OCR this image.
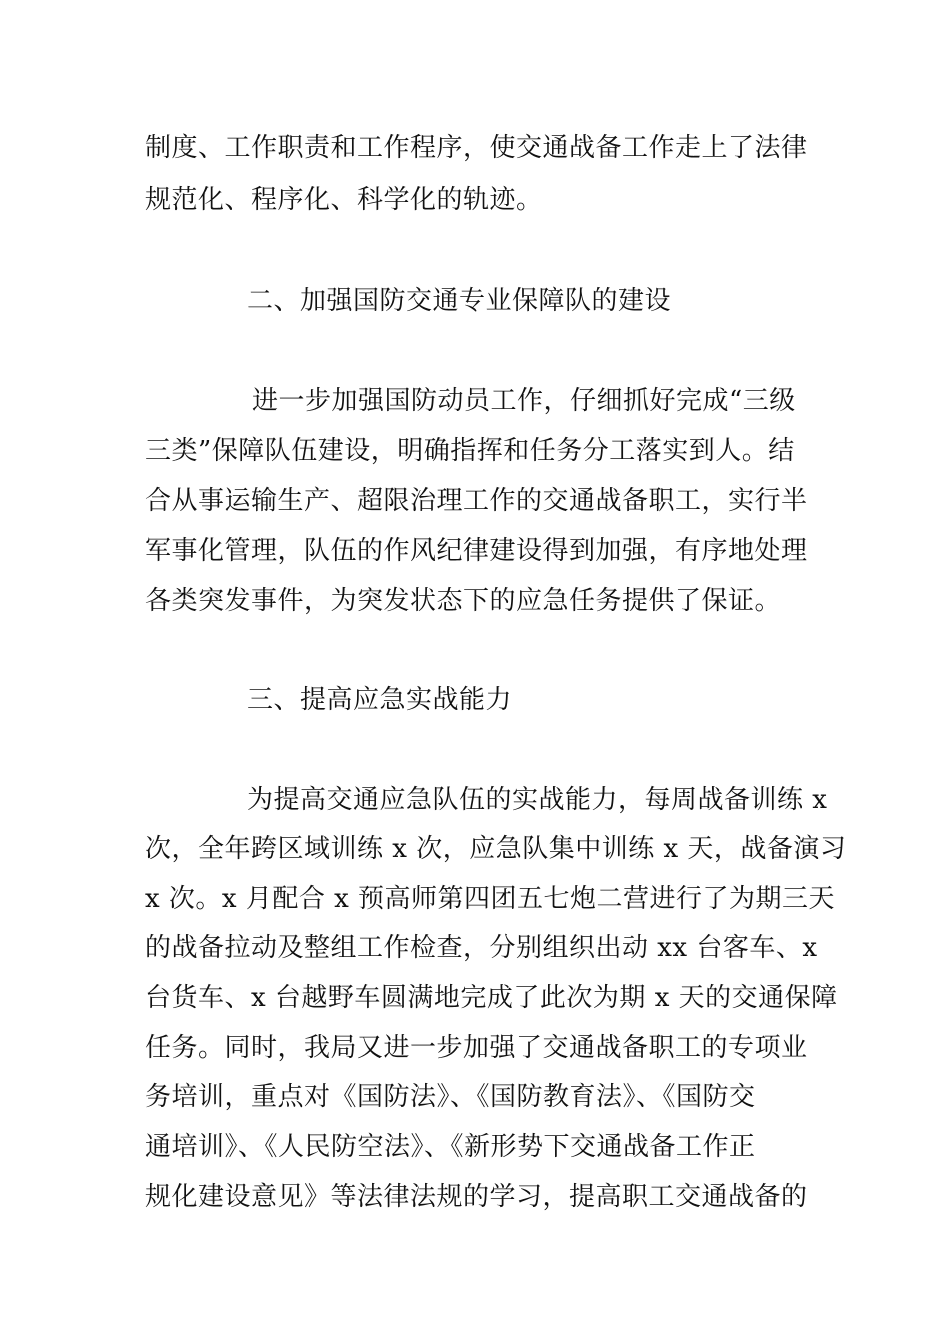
制度、工作职责和工作程序，使交通战备工作走上了法律
规范化、程序化、科学化的轨迹。
二、加强国防交通专业保障队的建设
进一步加强国防动员工作，仔细抓好完成“三级
三类”保障队伍建设，明确指挥和任务分工落实到人。结
合从事运输生产、超限治理工作的交通战备职工，实行半
军事化管理，队伍的作风纪律建设得到加强，有序地处理
各类突发事件，为突发状态下的应急任务提供了保证。
三、提高应急实战能力
为提高交通应急队伍的实战能力，每周战备训练 x
次，全年跨区域训练 x 次，应急队集中训练 x 天，战备演习
x 次。x 月配合 x 预高师第四团五七炮二营进行了为期三天
的战备拉动及整组工作检查，分别组织出动 xx 台客车、x
台货车、x 台越野车圆满地完成了此次为期 x 天的交通保障
任务。同时，我局又进一步加强了交通战备职工的专项业
务培训，重点对《国防法》、《国防教育法》、《国防交
通培训》、《人民防空法》、《新形势下交通战备工作正
规化建设意见》等法律法规的学习，提高职工交通战备的
